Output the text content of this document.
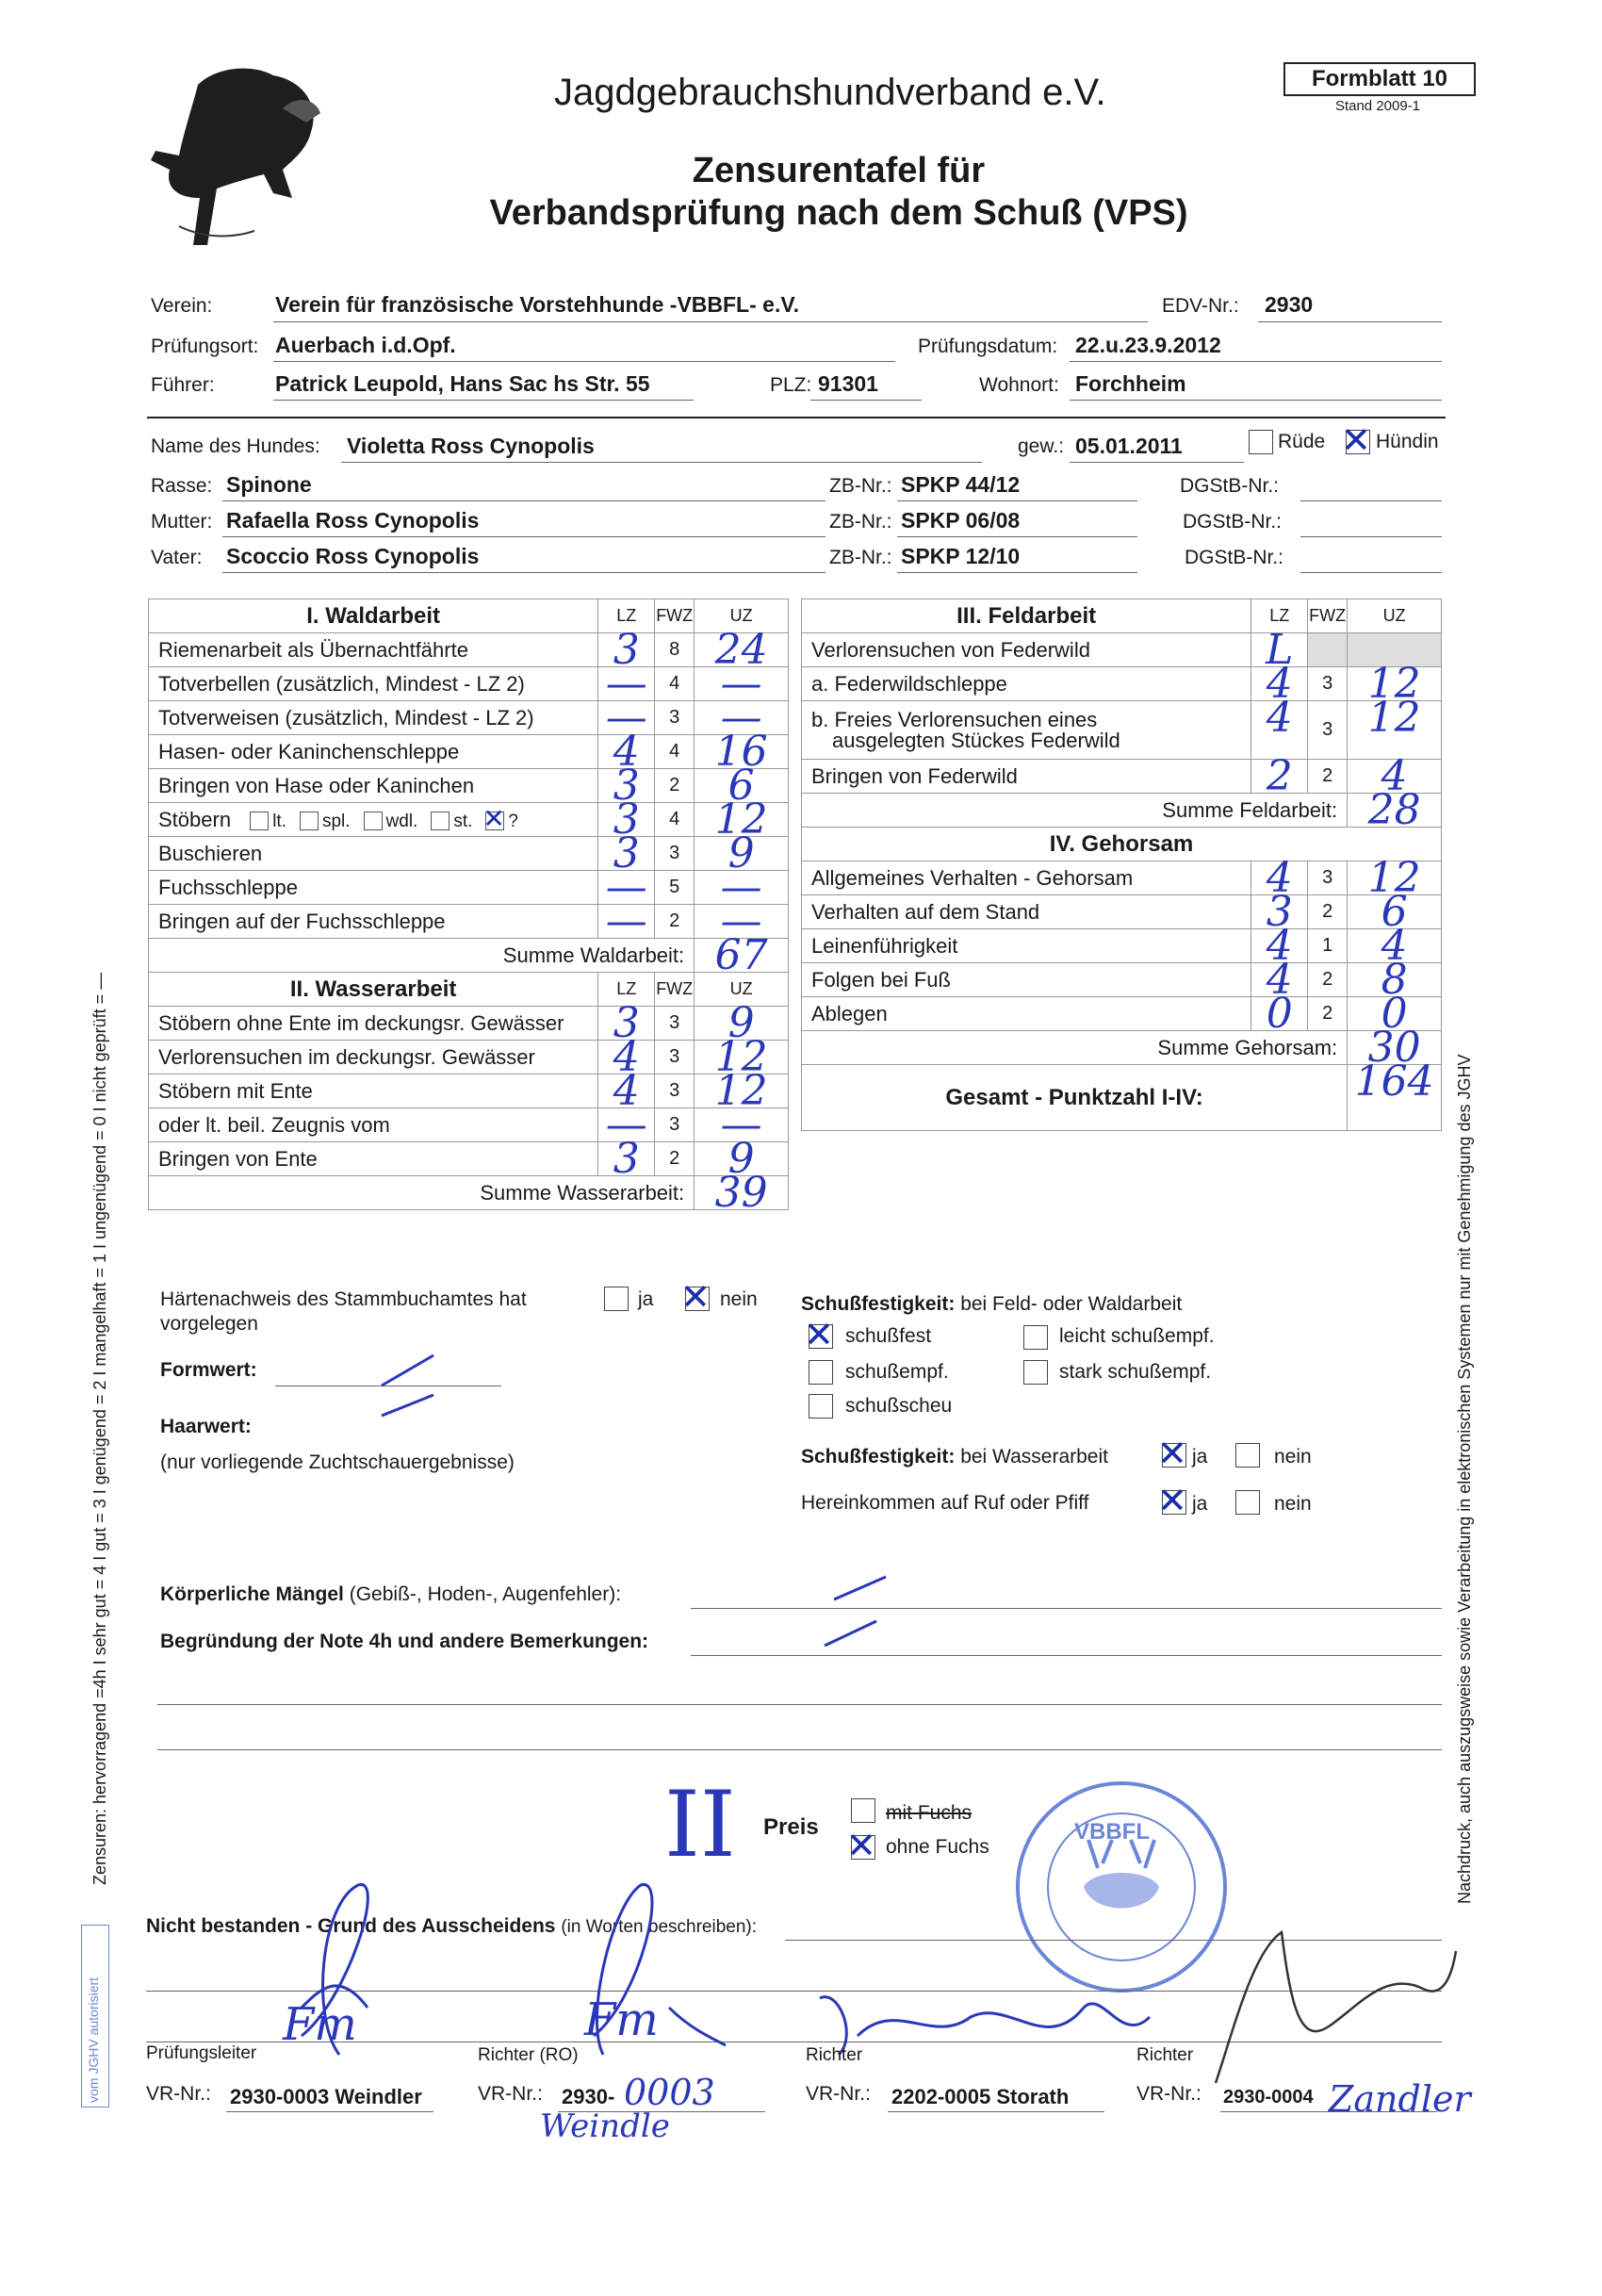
Jagdgebrauchshundverband e.V.	Formblatt 10
Stand 2009-1
Zensurentafel für
Verbandsprüfung nach dem Schuß (VPS)
Verein:	Verein für französische Vorstehhunde -VBBFL- e.V.	EDV-Nr.: 2930
Prüfungsort: Auerbach i.d.Opf.	Prüfungsdatum: 22.u.23.9.2012
Führer:	Patrick Leupold, Hans Sac hs Str. 55	PLZ: 91301	Wohnort: Forchheim
Name des Hundes: Violetta Ross Cynopolis	gew.: 05.01.2011	Rüde ✕ Hündin
Rasse: Spinone	ZB-Nr.: SPKP 44/12	DGStB-Nr.:
Mutter: Rafaella Ross Cynopolis	ZB-Nr.: SPKP 06/08	DGStB-Nr.:
Vater: Scoccio Ross Cynopolis	ZB-Nr.: SPKP 12/10	DGStB-Nr.:
I. Waldarbeit	LZ	FWZ	UZ
Riemenarbeit als Übernachtfährte	3	8	24

Totverbellen (zusätzlich, Mindest - LZ 2)	—	4	—

Totverweisen (zusätzlich, Mindest - LZ 2)	—	3	—

Hasen- oder Kaninchenschleppe	4	4	16

Bringen von Hase oder Kaninchen	3	2	6

Stöbern lt. spl. wdl. st. ✕ ?	3	4	12

Buschieren	3	3	9

Fuchsschleppe	—	5	—

Bringen auf der Fuchsschleppe	—	2	—

Summe Waldarbeit:			67

II. Wasserarbeit	LZ	FWZ	UZ
Stöbern ohne Ente im deckungsr. Gewässer	3	3	9

Verlorensuchen im deckungsr. Gewässer	4	3	12

Stöbern mit Ente	4	3	12

oder lt. beil. Zeugnis vom	—	3	—

Bringen von Ente	3	2	9

Summe Wasserarbeit:			39
III. Feldarbeit	LZ	FWZ	UZ
Verlorensuchen von Federwild	L		

a. Federwildschleppe	4	3	12

b. Freies Verlorensuchen eines
ausgelegten Stückes Federwild	4	3	12

Bringen von Federwild	2	2	4

Summe Feldarbeit:			28

IV. Gehorsam			
Allgemeines Verhalten - Gehorsam	4	3	12

Verhalten auf dem Stand	3	2	6

Leinenführigkeit	4	1	4

Folgen bei Fuß	4	2	8

Ablegen	0	2	0

Summe Gehorsam:			30

Gesamt - Punktzahl I-IV:			164
Härtenachweis des Stammbuchamtes hat vorgelegen
ja ✕ nein
Formwert:
Haarwert:
(nur vorliegende Zuchtschauergebnisse)
Schußfestigkeit: bei Feld- oder Waldarbeit
✕ schußfest	leicht schußempf.
schußempf.	stark schußempf.
schußscheu
Schußfestigkeit: bei Wasserarbeit ✕ ja	nein
Hereinkommen auf Ruf oder Pfiff ✕ ja	nein
Körperliche Mängel (Gebiß-, Hoden-, Augenfehler):
Begründung der Note 4h und andere Bemerkungen:
II Preis
mit Fuchs
✕ ohne Fuchs
VBBFL
Nicht bestanden - Grund des Ausscheidens (in Worten beschreiben):
Fm	Fm
Prüfungsleiter	Richter (RO)	Richter	Richter
VR-Nr.: 2930-0003 Weindler	VR-Nr.: 2930- 0003
Weindle
VR-Nr.: 2202-0005 Storath	VR-Nr.: 2930-0004 Zandler
Zensuren: hervorragend =4h I sehr gut = 4 I gut = 3 I genügend = 2 I mangelhaft = 1 I ungenügend = 0 I nicht geprüft = —	Nachdruck, auch auszugsweise sowie Verarbeitung in elektronischen Systemen nur mit Genehmigung des JGHV
vom JGHV autorisiert
